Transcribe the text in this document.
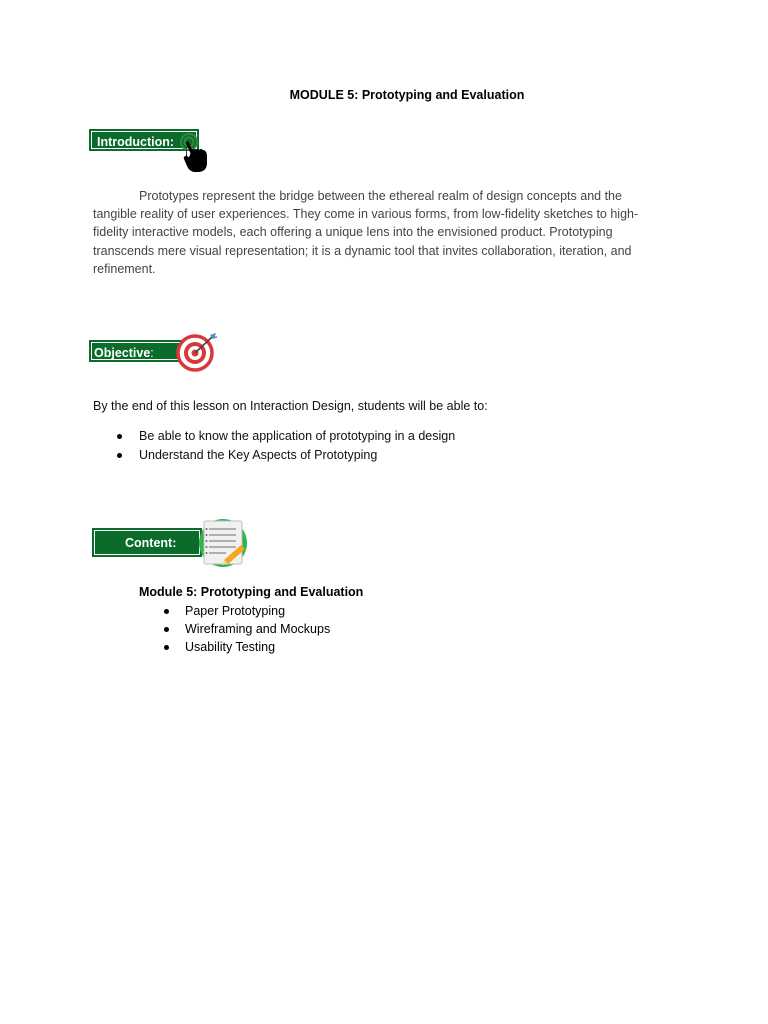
MODULE 5: Prototyping and Evaluation
Introduction:
Prototypes represent the bridge between the ethereal realm of design concepts and the tangible reality of user experiences. They come in various forms, from low-fidelity sketches to high-fidelity interactive models, each offering a unique lens into the envisioned product. Prototyping transcends mere visual representation; it is a dynamic tool that invites collaboration, iteration, and refinement.
Objective:
By the end of this lesson on Interaction Design, students will be able to:
Be able to know the application of prototyping in a design
Understand the Key Aspects of Prototyping
Content:
Module 5: Prototyping and Evaluation
Paper Prototyping
Wireframing and Mockups
Usability Testing
